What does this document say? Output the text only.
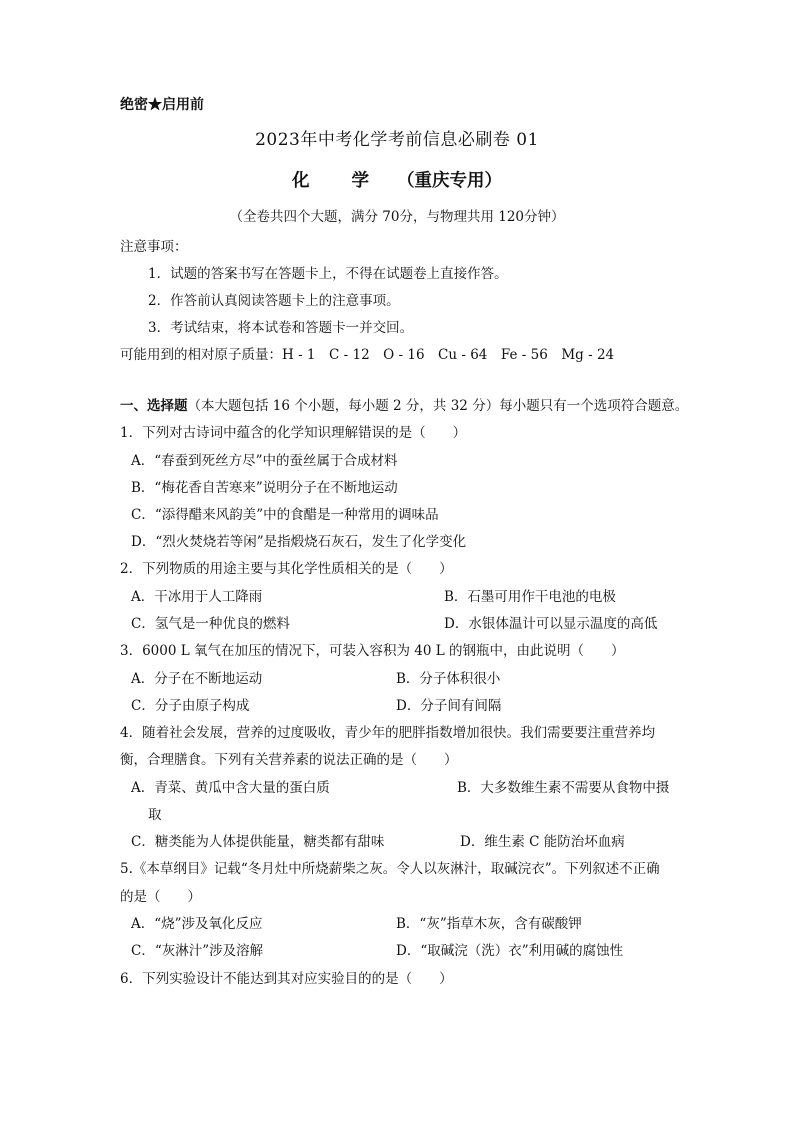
绝密★启用前
2023年中考化学考前信息必刷卷 01
化 学 （重庆专用）
（全卷共四个大题，满分 70分，与物理共用 120分钟）
注意事项：
1．试题的答案书写在答题卡上，不得在试题卷上直接作答。
2．作答前认真阅读答题卡上的注意事项。
3．考试结束，将本试卷和答题卡一并交回。
可能用到的相对原子质量：H - 1　C - 12　O - 16　Cu - 64　Fe - 56　Mg - 24
一、选择题（本大题包括 16 个小题，每小题 2 分，共 32 分）每小题只有一个选项符合题意。
1．下列对古诗词中蕴含的化学知识理解错误的是（　　）
A．“春蚕到死丝方尽”中的蚕丝属于合成材料
B．“梅花香自苦寒来”说明分子在不断地运动
C．“添得醋来风韵美”中的食醋是一种常用的调味品
D．“烈火焚烧若等闲”是指煅烧石灰石，发生了化学变化
2．下列物质的用途主要与其化学性质相关的是（　　）
A．干冰用于人工降雨	B．石墨可用作干电池的电极
C．氢气是一种优良的燃料	D．水银体温计可以显示温度的高低
3．6000 L 氧气在加压的情况下，可装入容积为 40 L 的钢瓶中，由此说明（　　）
A．分子在不断地运动	B．分子体积很小
C．分子由原子构成	D．分子间有间隔
4．随着社会发展，营养的过度吸收，青少年的肥胖指数增加很快。我们需要要注重营养均
衡，合理膳食。下列有关营养素的说法正确的是（　　）
A．青菜、黄瓜中含大量的蛋白质	B．大多数维生素不需要从食物中摄
取
C．糖类能为人体提供能量，糖类都有甜味	D．维生素 C 能防治坏血病
5.《本草纲目》记载“冬月灶中所烧薪柴之灰。令人以灰淋汁，取碱浣衣”。下列叙述不正确
的是（　　）
A．“烧”涉及氧化反应	B．“灰”指草木灰，含有碳酸钾
C．“灰淋汁”涉及溶解	D．“取碱浣（洗）衣”利用碱的腐蚀性
6．下列实验设计不能达到其对应实验目的的是（　　）
